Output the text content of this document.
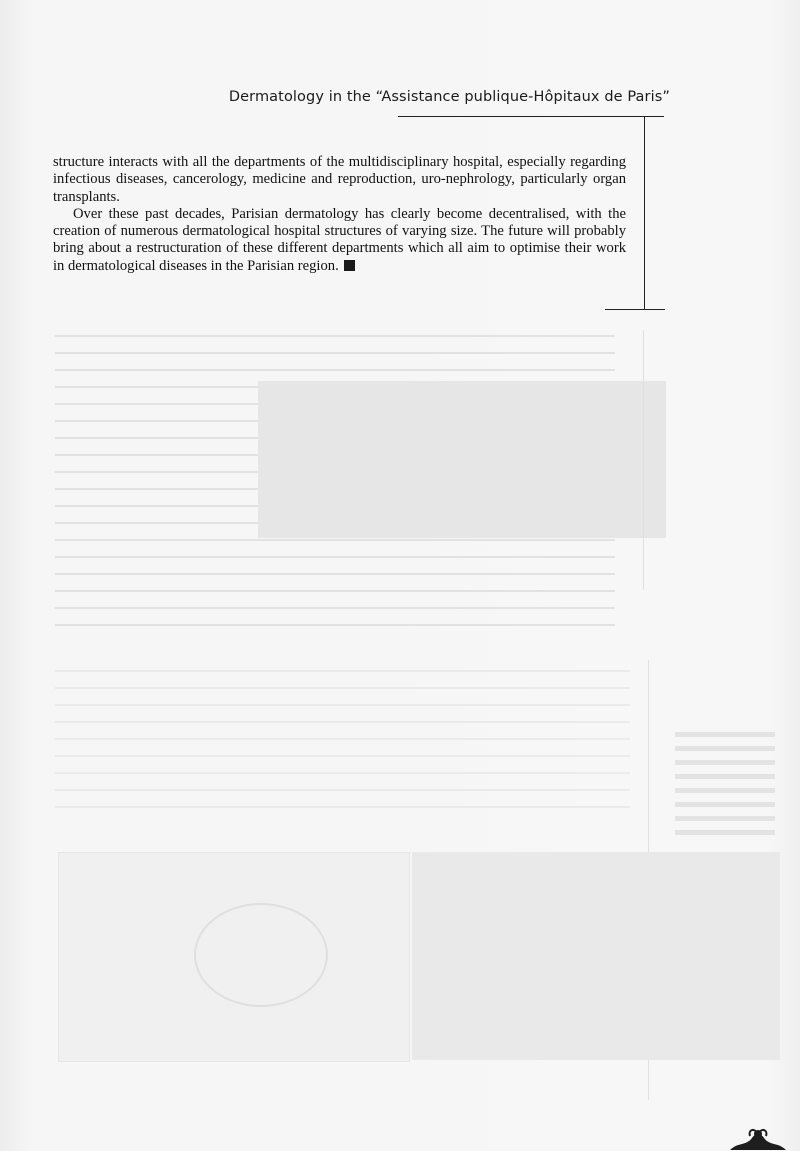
Dermatology in the “Assistance publique-Hôpitaux de Paris”

structure interacts with all the departments of the multidisciplinary hospital, especially regarding infectious diseases, cancerology, medicine and reproduction, uro-nephrology, particularly organ transplants.

Over these past decades, Parisian dermatology has clearly become decentralised, with the creation of numerous dermatological hospital structures of varying size. The future will probably bring about a restructuration of these different departments which all aim to optimise their work in dermatological diseases in the Parisian region.
